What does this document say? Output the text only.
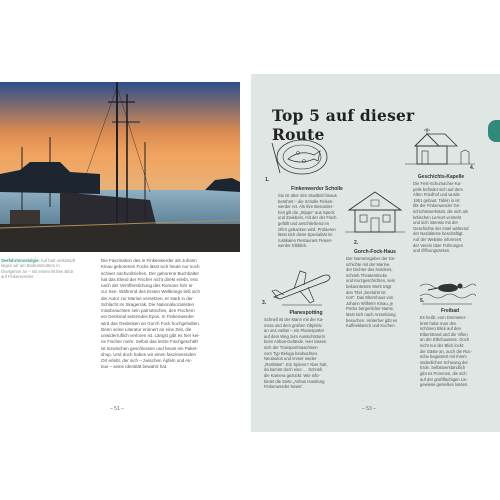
Seefahrtsnostalgie: Auf hart umkämpft liegen wir am Bodensmuttern in Övelgönne an – mit einem letzten Blick auf Finkenwerder
Die Faszination des in Finkenwerder als Johann
Kinau geborenen Focks lässt sich heute nur noch
schwer nachvollziehen. Der geborene Buchhalter
hat das Elend der Fischer nicht direkt erlebt, erst
nach der Veröffentlichung des Romans fuhr er
zur See. Während des Ersten Weltkriegs ließ sich
der Autor zur Marine versetzen, er starb in der
Schlacht im Skagerrak. Die Nationalsozialisten
missbrauchten sein patriotisches, den Fischern
ein Denkmal setzendes Epos. In Finkenwerder
wird das Gedenken an Gorch Fock hochgehalten.
Denn seine Literatur erinnert an eine Zeit, die
unwiderruflich verloren ist. Längst gibt es hier kei-
ne Fischer mehr. Selbst das letzte Fischgeschäft
ist inzwischen geschlossen und heute ein Paket-
shop. Und doch haben wir einen faszinierenden
Ort erlebt, der sich – zwischen Äpfeln und Air-
bus – seine Identität bewahrt hat.
– 51 –
Top 5 auf dieser Route
1.
Finkenwerder Scholle
Sie ist über den Stadtteil hinaus
berühmt – die Scholle Finken-
werder Art. Als ihre Besonder-
heit gilt die „Stippe“ aus Speck
und Zwiebeln, mit der der Fisch
gefüllt und anschließend im
Ofen gebacken wird. Probieren
lässt sich diese Spezialität im
rustikalen Restaurant Finken-
werder Elbblick.	2.
Gorch-Fock-Haus
Der Namensgeber der Ge-
schichte mit der Marine,
der Dichter des Nordens,
schrieb Theaterstücke
und Kurzgeschichten, sein
bekanntestes Werk trägt
den Titel „Seefahrt ist
not!“. Das Elternhaus von
Johann Wilhelm Kinau, je
Pocks bürgerlicher Name,
lässt sich nach Anmeldung
besuchen. Hinterher gibt es
Kaffeeklatsch und Kuchen.
3.
Planespotting
Schnell ist der Mann mit der Ka-
mera und dem großen Objektiv
an uns vorbei – ein Planespotter
auf dem Weg zum Aussichtsturm
beim Airbus-Gelände. Hier lassen
sich der Transportmaschinen
vom Typ Beluga beobachten.
Neulautos und immer weder
„Raritäten“. Ein Spleen? Aber halt,
da kommt doch eine … Schnell
die Kamera gezückt. Wie info-
bietet die Seite „Airbus Hamburg
Finkenwerder News“.
4.
Geschichts-Kapelle
Die Fest-Schumacher-Ka-
pelle befindet sich auf dem
Alten Friedhof und wurde
1951 gebaut. Tafeln in ist
tibt der Finkenwerder Ge-
schichtswerkstatt, die sich als
kritischen Lernort versteht
und sich intensiv mit der
Geschichte der Insel während
der Naziälteste beschäftigt.
Auf der Website informiert
der Verein über Führungen
und Öffnungszeiten.
5.
Freibad
Es heißt, vom Dreimeter-
brett habe man den
schönen Blick auf den
Elberstrand und die Villen
an der Elbchaussee. Doch
nicht nur der Blick lockt:
die Gäste an, auch die Ruc-
sche begeistert mit ihrem
südenlichen Schwung der
Erde. Selbstverständlich
gibt es Pommes, die sich
auf der großflächigen Lie-
gewiese genießen lassen.
– 53 –
